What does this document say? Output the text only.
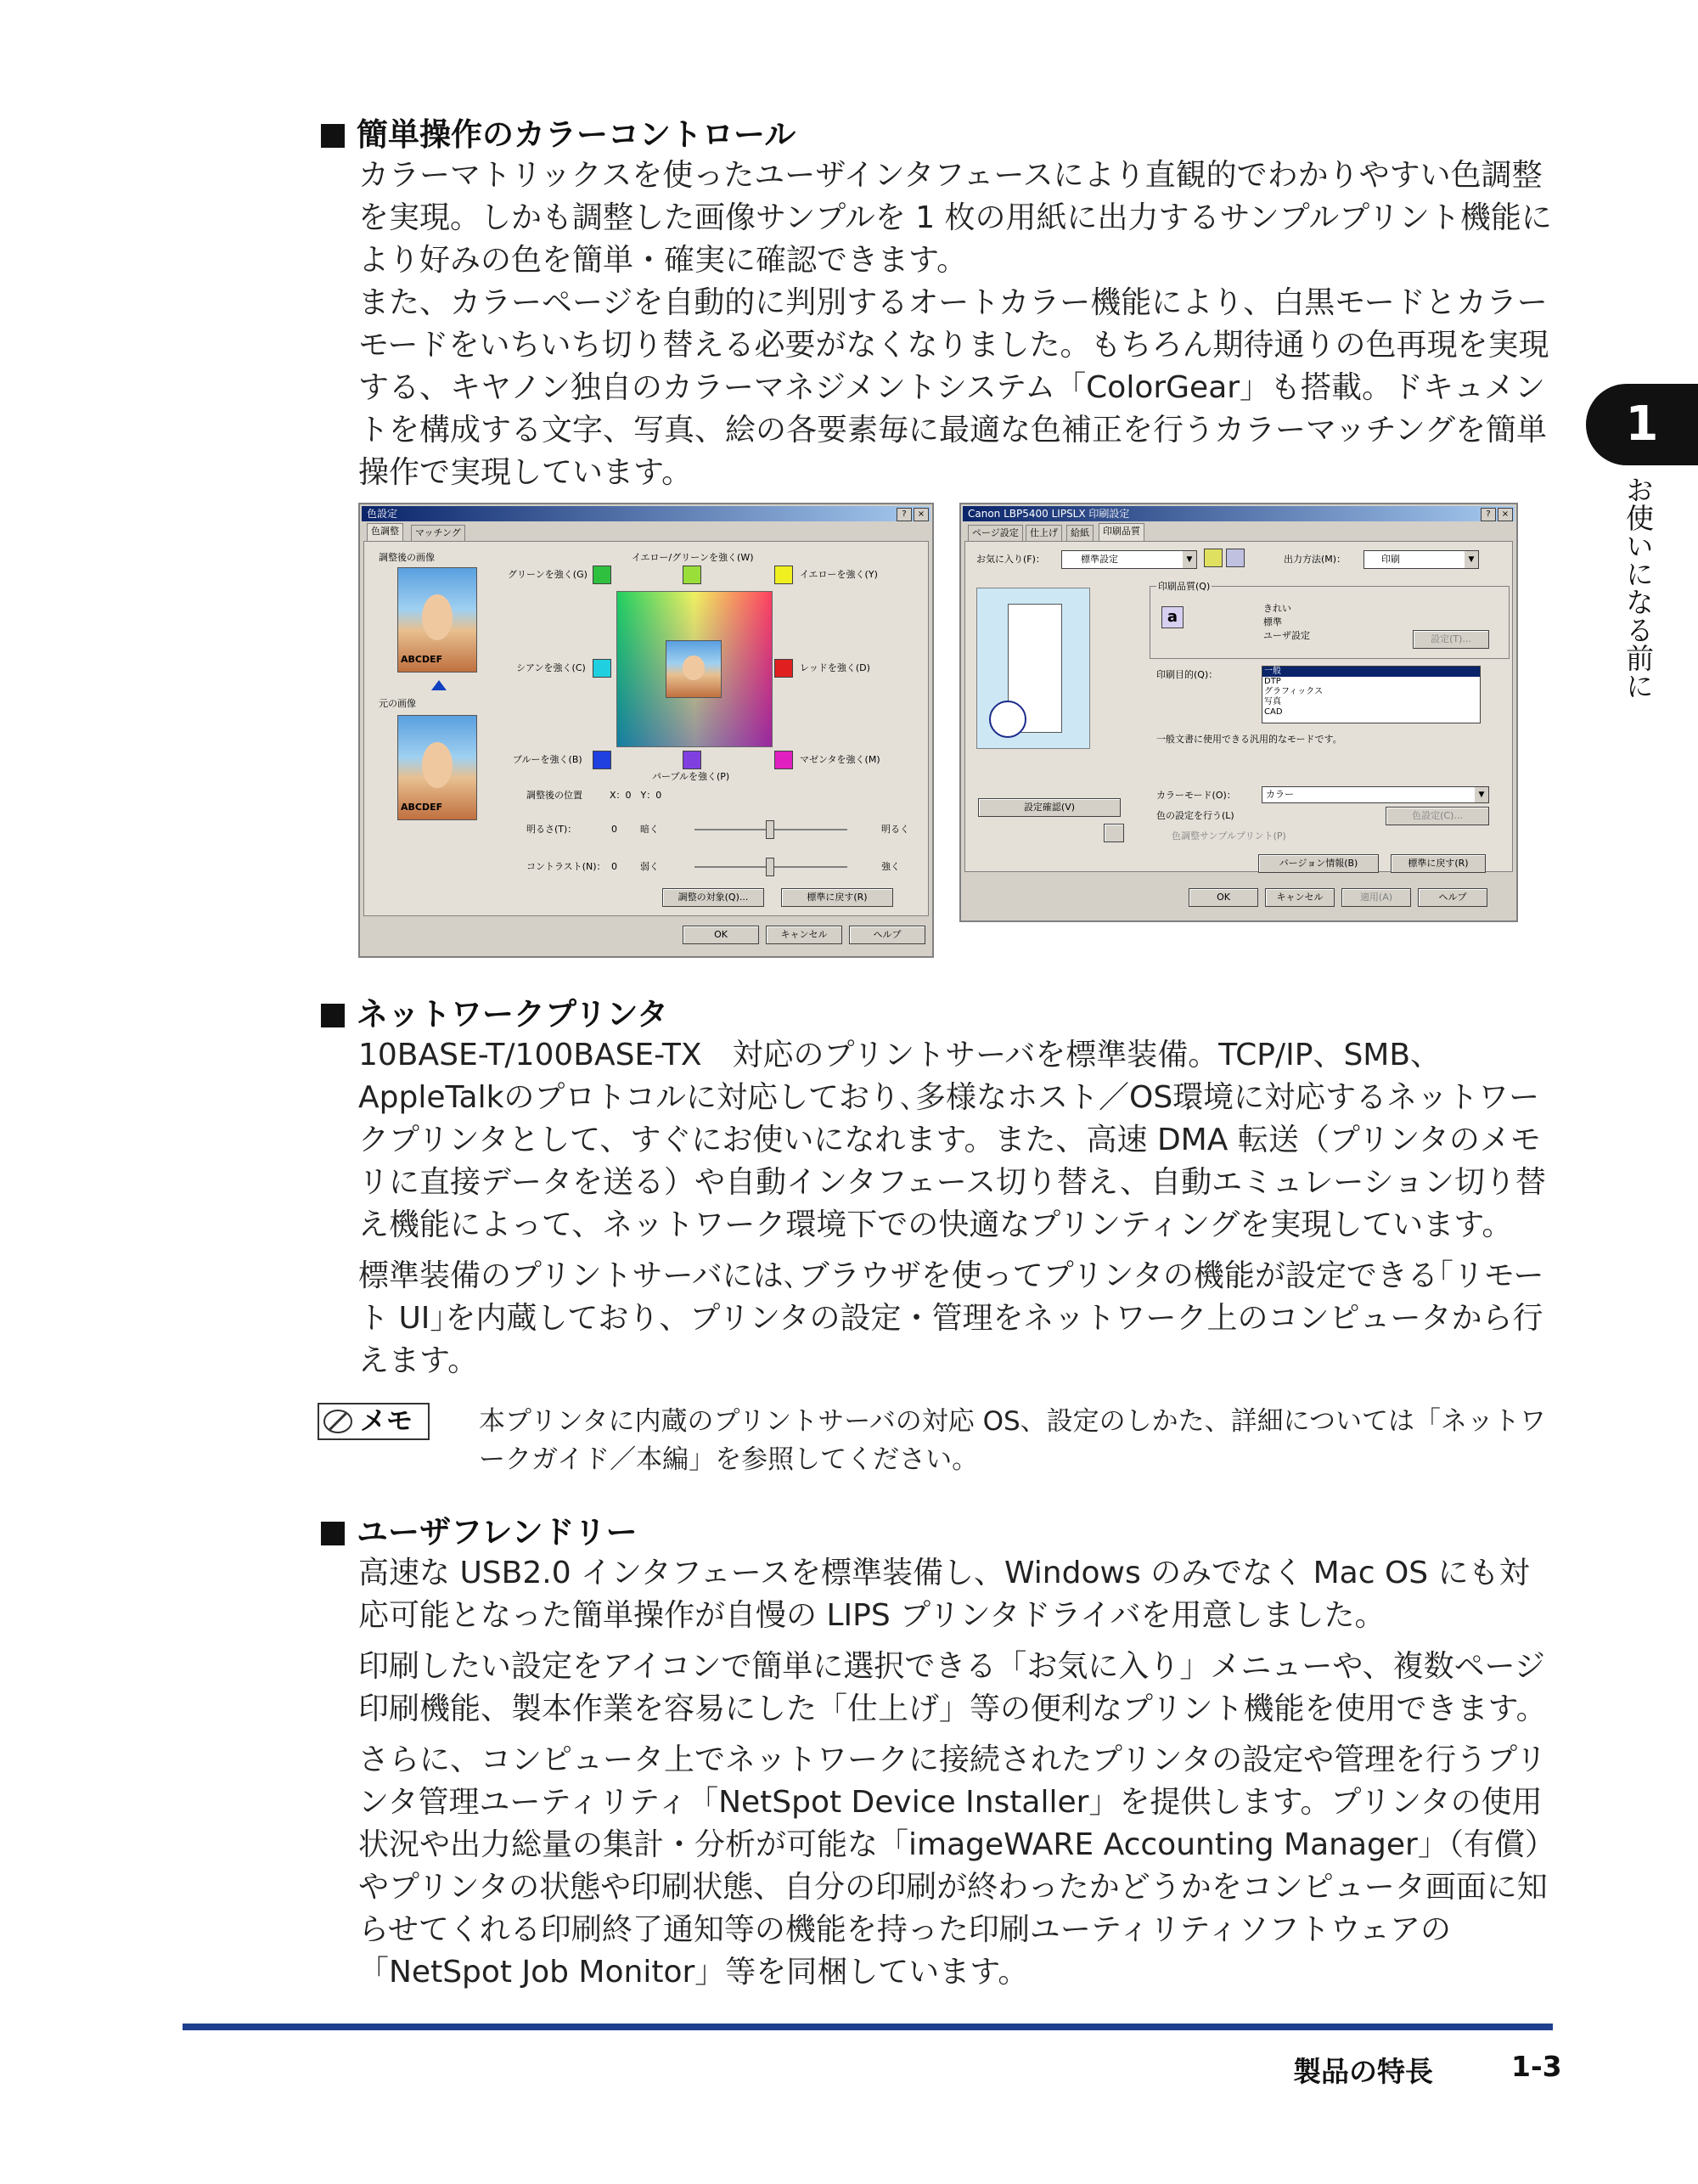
簡単操作のカラーコントロール

カラーマトリックスを使ったユーザインタフェースにより直観的でわかりやすい色調整を実現。しかも調整した画像サンプルを 1 枚の用紙に出力するサンプルプリント機能により好みの色を簡単・確実に確認できます。

また、カラーページを自動的に判別するオートカラー機能により、白黒モードとカラーモードをいちいち切り替える必要がなくなりました。もちろん期待通りの色再現を実現する、キヤノン独自のカラーマネジメントシステム「ColorGear」も搭載。ドキュメントを構成する文字、写真、絵の各要素毎に最適な色補正を行うカラーマッチングを簡単操作で実現しています。

1
お使いになる前に
色設定	?	×
色調整	マッチング
調整後の画像
ABCDEF
元の画像
ABCDEF
イエロー/グリーンを強く(W)
グリーンを強く(G)	イエローを強く(Y)
シアンを強く(C)	レッドを強く(D)
ブルーを強く(B)	マゼンタを強く(M)
パープルを強く(P)
調整後の位置	X：0　Y：0
明るさ(T)：	0 暗く	明るく
コントラスト(N)： 0 弱く	強く
調整の対象(Q)...	標準に戻す(R)
OK	キャンセル	ヘルプ
Canon LBP5400 LIPSLX 印刷設定	?	×
ページ設定	仕上げ	給紙	印刷品質
お気に入り(F)：	標準設定	▼	出力方法(M)：	印刷	▼
印刷品質(Q)
a	きれい
標準
ユーザ設定	設定(T)...
印刷目的(Q)：	一般
DTP
グラフィックス
写真
CAD
一般文書に使用できる汎用的なモードです。
設定確認(V)
カラーモード(O)：	カラー	▼
色の設定を行う(L)	色設定(C)...
色調整サンプルプリント(P)
バージョン情報(B)	標準に戻す(R)
OK	キャンセル	適用(A)	ヘルプ
ネットワークプリンタ

10BASE-T/100BASE-TX　対応のプリントサーバを標準装備。TCP/IP、SMB、AppleTalkのプロトコルに対応しており､多様なホスト／OS環境に対応するネットワークプリンタとして、すぐにお使いになれます。また、高速 DMA 転送（プリンタのメモリに直接データを送る）や自動インタフェース切り替え、自動エミュレーション切り替え機能によって、ネットワーク環境下での快適なプリンティングを実現しています。

標準装備のプリントサーバには､ブラウザを使ってプリンタの機能が設定できる｢リモート UI｣を内蔵しており、プリンタの設定・管理をネットワーク上のコンピュータから行えます。

メモ	本プリンタに内蔵のプリントサーバの対応 OS、設定のしかた、詳細については「ネットワークガイド／本編」を参照してください。
ユーザフレンドリー

高速な USB2.0 インタフェースを標準装備し、Windows のみでなく Mac OS にも対応可能となった簡単操作が自慢の LIPS プリンタドライバを用意しました。

印刷したい設定をアイコンで簡単に選択できる「お気に入り」メニューや、複数ページ印刷機能、製本作業を容易にした「仕上げ」等の便利なプリント機能を使用できます。

さらに、コンピュータ上でネットワークに接続されたプリンタの設定や管理を行うプリンタ管理ユーティリティ「NetSpot Device Installer」を提供します。プリンタの使用状況や出力総量の集計・分析が可能な「imageWARE Accounting Manager」（有償）やプリンタの状態や印刷状態、自分の印刷が終わったかどうかをコンピュータ画面に知らせてくれる印刷終了通知等の機能を持った印刷ユーティリティソフトウェアの「NetSpot Job Monitor」等を同梱しています。

製品の特長	1-3
